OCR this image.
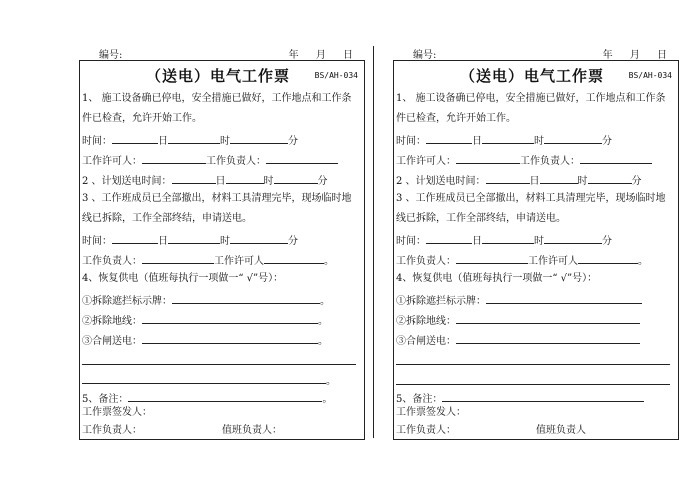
编号:	年 月 日
（送电）电气工作票	BS/AH-034
1、 施工设备确已停电，安全措施已做好，工作地点和工作条
件已检查，允许开始工作。
时间：	日	时	分
工作许可人：	工作负责人：
2 、计划送电时间：	日	时	分
3 、工作班成员已全部撤出，材料工具清理完毕，现场临时地
线已拆除，工作全部终结，申请送电。
时间：	日	时	分
工作负责人：	工作许可人	。
4、恢复供电（值班每执行一项做一“ √”号）：
①拆除遮拦标示牌：	。
②拆除地线：	。
③合闸送电：	。
。
5、备注：	。
工作票签发人：
工作负责人：	值班负责人：
编号:	年 月 日
（送电）电气工作票	BS/AH-034
1、 施工设备确已停电，安全措施已做好，工作地点和工作条
件已检查，允许开始工作。
时间：	日	时	分
工作许可人：	工作负责人：
2 、计划送电时间：	日	时	分
3 、工作班成员已全部撤出，材料工具清理完毕，现场临时地
线已拆除，工作全部终结，申请送电。
时间：	日	时	分
工作负责人：	工作许可人	。
4、恢复供电（值班每执行一项做一“ √”号）：
①拆除遮拦标示牌：
②拆除地线：
③合闸送电：
5、备注：
工作票签发人：
工作负责人：	值班负责人
